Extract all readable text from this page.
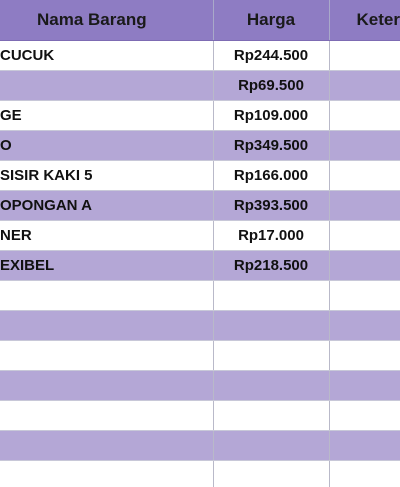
Nama Barang	Harga	Keter
CUCUK	Rp244.500	
	Rp69.500	
GE	Rp109.000	
O	Rp349.500	
SISIR KAKI 5	Rp166.000	
OPONGAN A	Rp393.500	
NER	Rp17.000	
EXIBEL	Rp218.500	
